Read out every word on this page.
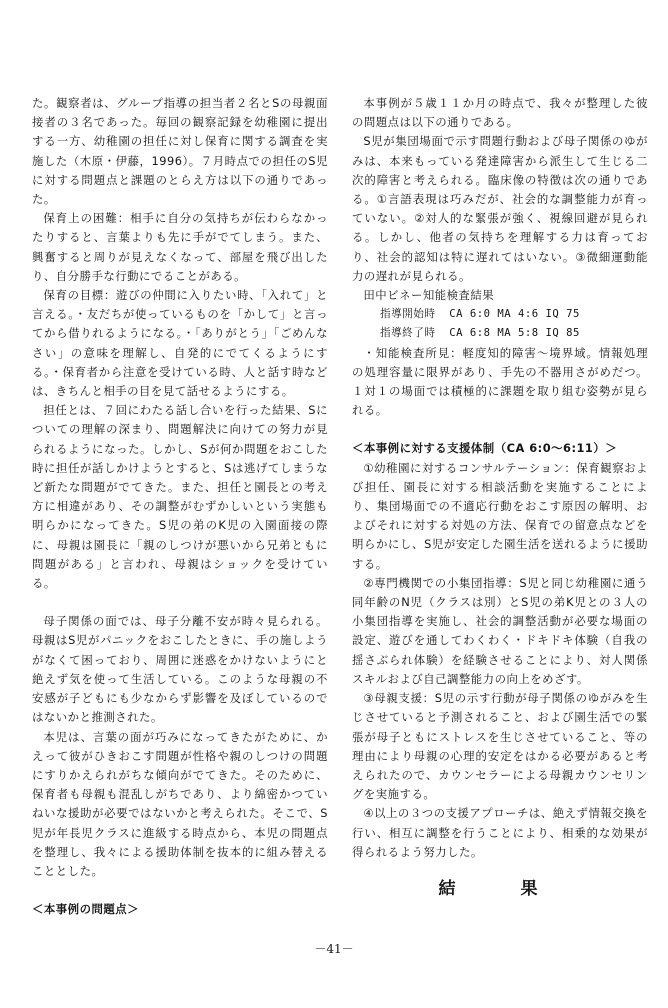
た。観察者は、グループ指導の担当者２名とSの母親面接者の３名であった。毎回の観察記録を幼稚園に提出する一方、幼稚園の担任に対し保育に関する調査を実施した（木原・伊藤，1996）。７月時点での担任のS児に対する問題点と課題のとらえ方は以下の通りであった。

保育上の困難：相手に自分の気持ちが伝わらなかったりすると、言葉よりも先に手がでてしまう。また、興奮すると周りが見えなくなって、部屋を飛び出したり、自分勝手な行動にでることがある。

保育の目標：遊びの仲間に入りたい時、「入れて」と言える。・友だちが使っているものを「かして」と言ってから借りれるようになる。・「ありがとう」「ごめんなさい」の意味を理解し、自発的にでてくるようにする。・保育者から注意を受けている時、人と話す時などは、きちんと相手の目を見て話せるようにする。

担任とは、７回にわたる話し合いを行った結果、Sについての理解の深まり、問題解決に向けての努力が見られるようになった。しかし、Sが何か問題をおこした時に担任が話しかけようとすると、Sは逃げてしまうなど新たな問題がでてきた。また、担任と園長との考え方に相違があり、その調整がむずかしいという実態も明らかになってきた。S児の弟のK児の入園面接の際に、母親は園長に「親のしつけが悪いから兄弟ともに問題がある」と言われ、母親はショックを受けている。

母子関係の面では、母子分離不安が時々見られる。母親はS児がパニックをおこしたときに、手の施しようがなくて困っており、周囲に迷惑をかけないようにと絶えず気を使って生活している。このような母親の不安感が子どもにも少なからず影響を及ぼしているのではないかと推測された。

本児は、言葉の面が巧みになってきたがために、かえって彼がひきおこす問題が性格や親のしつけの問題にすりかえられがちな傾向がでてきた。そのために、保育者も母親も混乱しがちであり、より綿密かつていねいな援助が必要ではないかと考えられた。そこで、S児が年長児クラスに進級する時点から、本児の問題点を整理し、我々による援助体制を抜本的に組み替えることとした。

＜本事例の問題点＞

本事例が５歳１１か月の時点で、我々が整理した彼の問題点は以下の通りである。

S児が集団場面で示す問題行動および母子関係のゆがみは、本来もっている発達障害から派生して生じる二次的障害と考えられる。臨床像の特徴は次の通りである。①言語表現は巧みだが、社会的な調整能力が育っていない。②対人的な緊張が強く、視線回避が見られる。しかし、他者の気持ちを理解する力は育っており、社会的認知は特に遅れてはいない。③微細運動能力の遅れが見られる。

田中ビネー知能検査結果

指導開始時 CA 6:0 MA 4:6 IQ 75
指導終了時 CA 6:8 MA 5:8 IQ 85

・知能検査所見：軽度知的障害～境界域。情報処理の処理容量に限界があり、手先の不器用さがめだつ。１対１の場面では積極的に課題を取り組む姿勢が見られる。

＜本事例に対する支援体制（CA 6:0～6:11）＞

①幼稚園に対するコンサルテーション：保育観察および担任、園長に対する相談活動を実施することにより、集団場面での不適応行動をおこす原因の解明、およびそれに対する対処の方法、保育での留意点などを明らかにし、S児が安定した園生活を送れるように援助する。

②専門機関での小集団指導：S児と同じ幼稚園に通う同年齢のN児（クラスは別）とS児の弟K児との３人の小集団指導を実施し、社会的調整活動が必要な場面の設定、遊びを通してわくわく・ドキドキ体験（自我の揺さぶられ体験）を経験させることにより、対人関係スキルおよび自己調整能力の向上をめざす。

③母親支援：S児の示す行動が母子関係のゆがみを生じさせていると予測されること、および園生活での緊張が母子ともにストレスを生じさせていること、等の理由により母親の心理的安定をはかる必要があると考えられたので、カウンセラーによる母親カウンセリングを実施する。

④以上の３つの支援アプローチは、絶えず情報交換を行い、相互に調整を行うことにより、相乗的な効果が得られるよう努力した。

結　果
－41－
